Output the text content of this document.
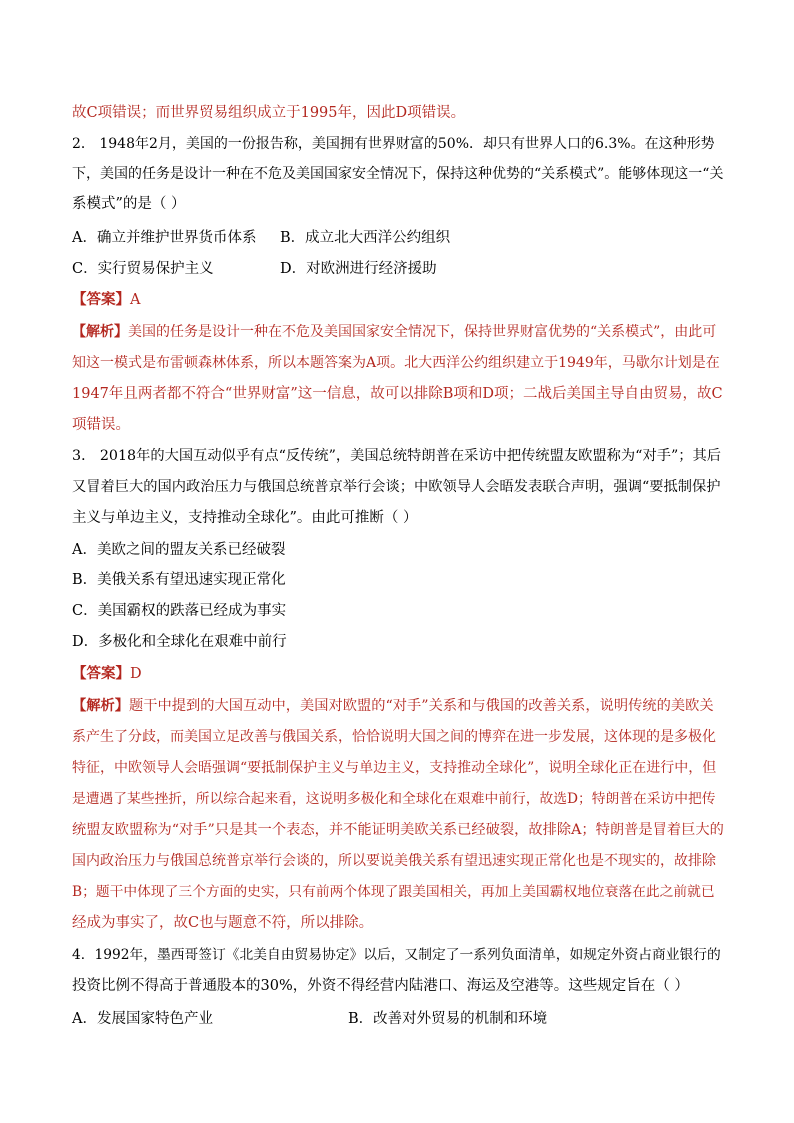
故C项错误；而世界贸易组织成立于1995年，因此D项错误。
2． 1948年2月，美国的一份报告称，美国拥有世界财富的50%．却只有世界人口的6.3%。在这种形势
下，美国的任务是设计一种在不危及美国国家安全情况下，保持这种优势的“关系模式”。能够体现这一“关
系模式”的是（ ）
A．确立并维护世界货币体系 B．成立北大西洋公约组织
C．实行贸易保护主义	D．对欧洲进行经济援助
【答案】A
【解析】美国的任务是设计一种在不危及美国国家安全情况下，保持世界财富优势的“关系模式”，由此可
知这一模式是布雷顿森林体系，所以本题答案为A项。北大西洋公约组织建立于1949年，马歇尔计划是在
1947年且两者都不符合“世界财富”这一信息，故可以排除B项和D项；二战后美国主导自由贸易，故C
项错误。
3． 2018年的大国互动似乎有点“反传统”，美国总统特朗普在采访中把传统盟友欧盟称为“对手”；其后
又冒着巨大的国内政治压力与俄国总统普京举行会谈；中欧领导人会晤发表联合声明，强调“要抵制保护
主义与单边主义，支持推动全球化”。由此可推断（ ）
A．美欧之间的盟友关系已经破裂
B．美俄关系有望迅速实现正常化
C．美国霸权的跌落已经成为事实
D．多极化和全球化在艰难中前行
【答案】D
【解析】题干中提到的大国互动中，美国对欧盟的“对手”关系和与俄国的改善关系，说明传统的美欧关
系产生了分歧，而美国立足改善与俄国关系，恰恰说明大国之间的博弈在进一步发展，这体现的是多极化
特征，中欧领导人会晤强调“要抵制保护主义与单边主义，支持推动全球化”，说明全球化正在进行中，但
是遭遇了某些挫折，所以综合起来看，这说明多极化和全球化在艰难中前行，故选D；特朗普在采访中把传
统盟友欧盟称为“对手”只是其一个表态，并不能证明美欧关系已经破裂，故排除A；特朗普是冒着巨大的
国内政治压力与俄国总统普京举行会谈的，所以要说美俄关系有望迅速实现正常化也是不现实的，故排除
B；题干中体现了三个方面的史实，只有前两个体现了跟美国相关，再加上美国霸权地位衰落在此之前就已
经成为事实了，故C也与题意不符，所以排除。
4．1992年，墨西哥签订《北美自由贸易协定》以后，又制定了一系列负面清单，如规定外资占商业银行的
投资比例不得高于普通股本的30%，外资不得经营内陆港口、海运及空港等。这些规定旨在（ ）
A．发展国家特色产业	B．改善对外贸易的机制和环境
